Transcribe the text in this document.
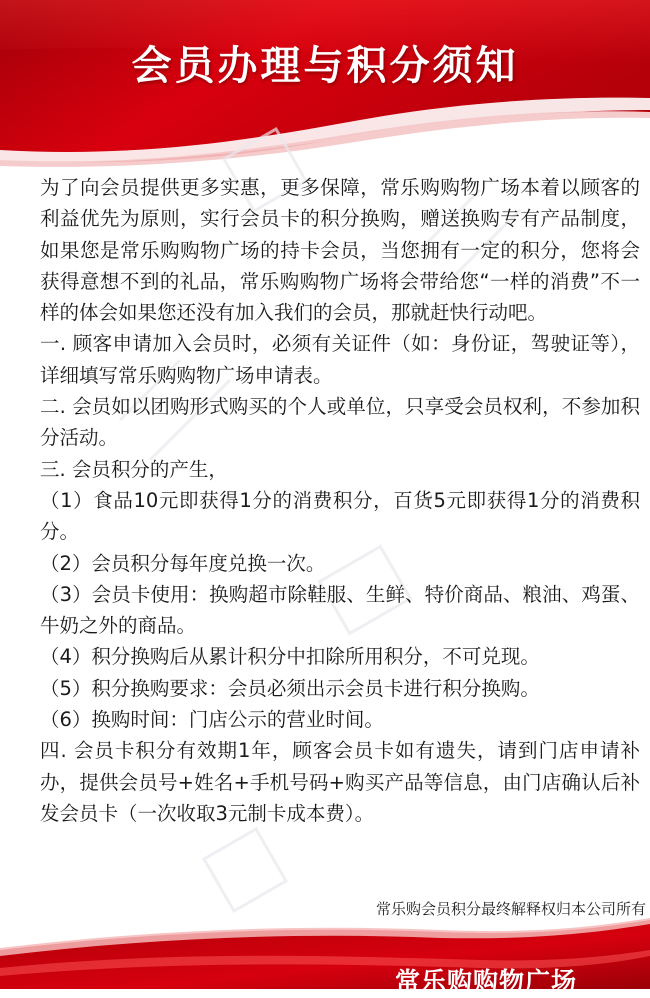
会员办理与积分须知
为了向会员提供更多实惠，更多保障，常乐购购物广场本着以顾客的利益优先为原则，实行会员卡的积分换购，赠送换购专有产品制度，如果您是常乐购购物广场的持卡会员，当您拥有一定的积分，您将会获得意想不到的礼品，常乐购购物广场将会带给您“一样的消费”不一样的体会如果您还没有加入我们的会员，那就赶快行动吧。
一. 顾客申请加入会员时，必须有关证件（如：身份证，驾驶证等），详细填写常乐购购物广场申请表。
二. 会员如以团购形式购买的个人或单位，只享受会员权利，不参加积分活动。
三. 会员积分的产生，
（1）食品10元即获得1分的消费积分，百货5元即获得1分的消费积分。
（2）会员积分每年度兑换一次。
（3）会员卡使用：换购超市除鞋服、生鲜、特价商品、粮油、鸡蛋、牛奶之外的商品。
（4）积分换购后从累计积分中扣除所用积分，不可兑现。
（5）积分换购要求：会员必须出示会员卡进行积分换购。
（6）换购时间：门店公示的营业时间。
四. 会员卡积分有效期1年，顾客会员卡如有遗失，请到门店申请补办，提供会员号+姓名+手机号码+购买产品等信息，由门店确认后补发会员卡（一次收取3元制卡成本费）。
常乐购会员积分最终解释权归本公司所有
常乐购购物广场
